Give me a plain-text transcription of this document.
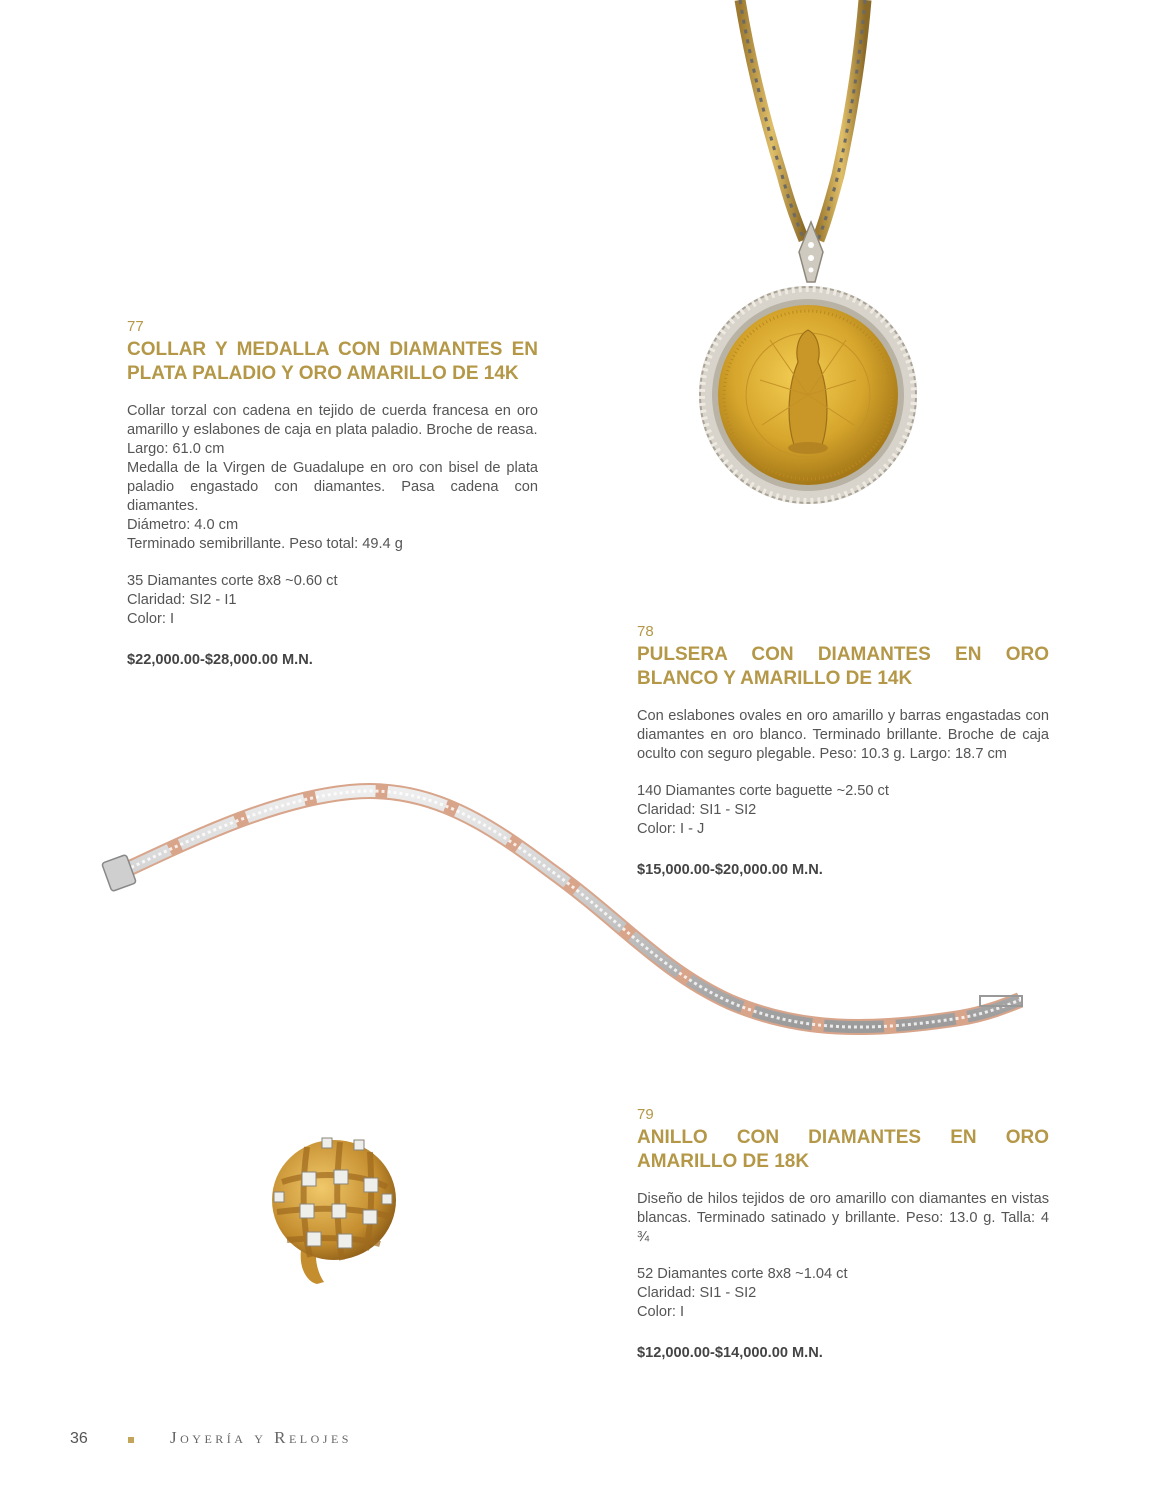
77
COLLAR Y MEDALLA CON DIAMANTES EN PLATA PALADIO Y ORO AMARILLO DE 14K
Collar torzal con cadena en tejido de cuerda francesa en oro amarillo y eslabones de caja en plata paladio. Broche de reasa.
Largo: 61.0 cm
Medalla de la Virgen de Guadalupe en oro con bisel de plata paladio engastado con diamantes. Pasa cadena con diamantes.
Diámetro: 4.0 cm
Terminado semibrillante. Peso total: 49.4 g
35 Diamantes corte 8x8 ~0.60 ct
Claridad: SI2 - I1
Color: I
$22,000.00-$28,000.00 M.N.
78
PULSERA CON DIAMANTES EN ORO BLANCO Y AMARILLO DE 14K
Con eslabones ovales en oro amarillo y barras engastadas con diamantes en oro blanco. Terminado brillante. Broche de caja oculto con seguro plegable. Peso: 10.3 g. Largo: 18.7 cm
140 Diamantes corte baguette ~2.50 ct
Claridad: SI1 - SI2
Color: I - J
$15,000.00-$20,000.00 M.N.
79
ANILLO CON DIAMANTES EN ORO AMARILLO DE 18K
Diseño de hilos tejidos de oro amarillo con diamantes en vistas blancas. Terminado satinado y brillante. Peso: 13.0 g. Talla: 4 ¾
52 Diamantes corte 8x8 ~1.04 ct
Claridad: SI1 - SI2
Color: I
$12,000.00-$14,000.00 M.N.
36	Joyería y Relojes
